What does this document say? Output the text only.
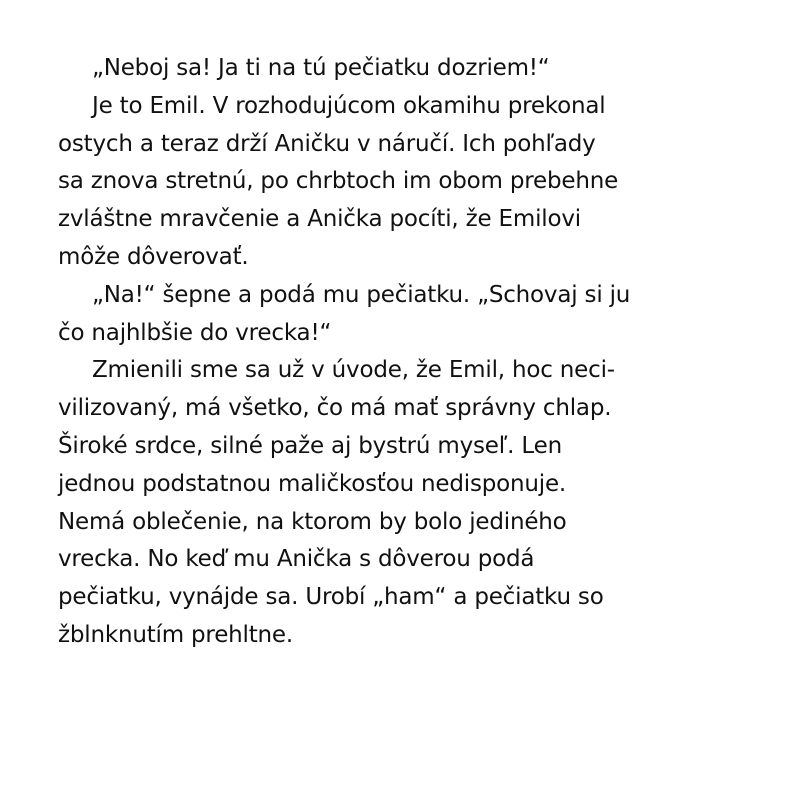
„Neboj sa! Ja ti na tú pečiatku dozriem!“

Je to Emil. V rozhodujúcom okamihu prekonal
ostych a teraz drží Aničku v náručí. Ich pohľady
sa znova stretnú, po chrbtoch im obom prebehne
zvláštne mravčenie a Anička pocíti, že Emilovi
môže dôverovať.

„Na!“ šepne a podá mu pečiatku. „Schovaj si ju
čo najhlbšie do vrecka!“

Zmienili sme sa už v úvode, že Emil, hoc neci-
vilizovaný, má všetko, čo má mať správny chlap.
Široké srdce, silné paže aj bystrú myseľ. Len
jednou podstatnou maličkosťou nedisponuje.
Nemá oblečenie, na ktorom by bolo jediného
vrecka. No keď mu Anička s dôverou podá
pečiatku, vynájde sa. Urobí „ham“ a pečiatku so
žblnknutím prehltne.
